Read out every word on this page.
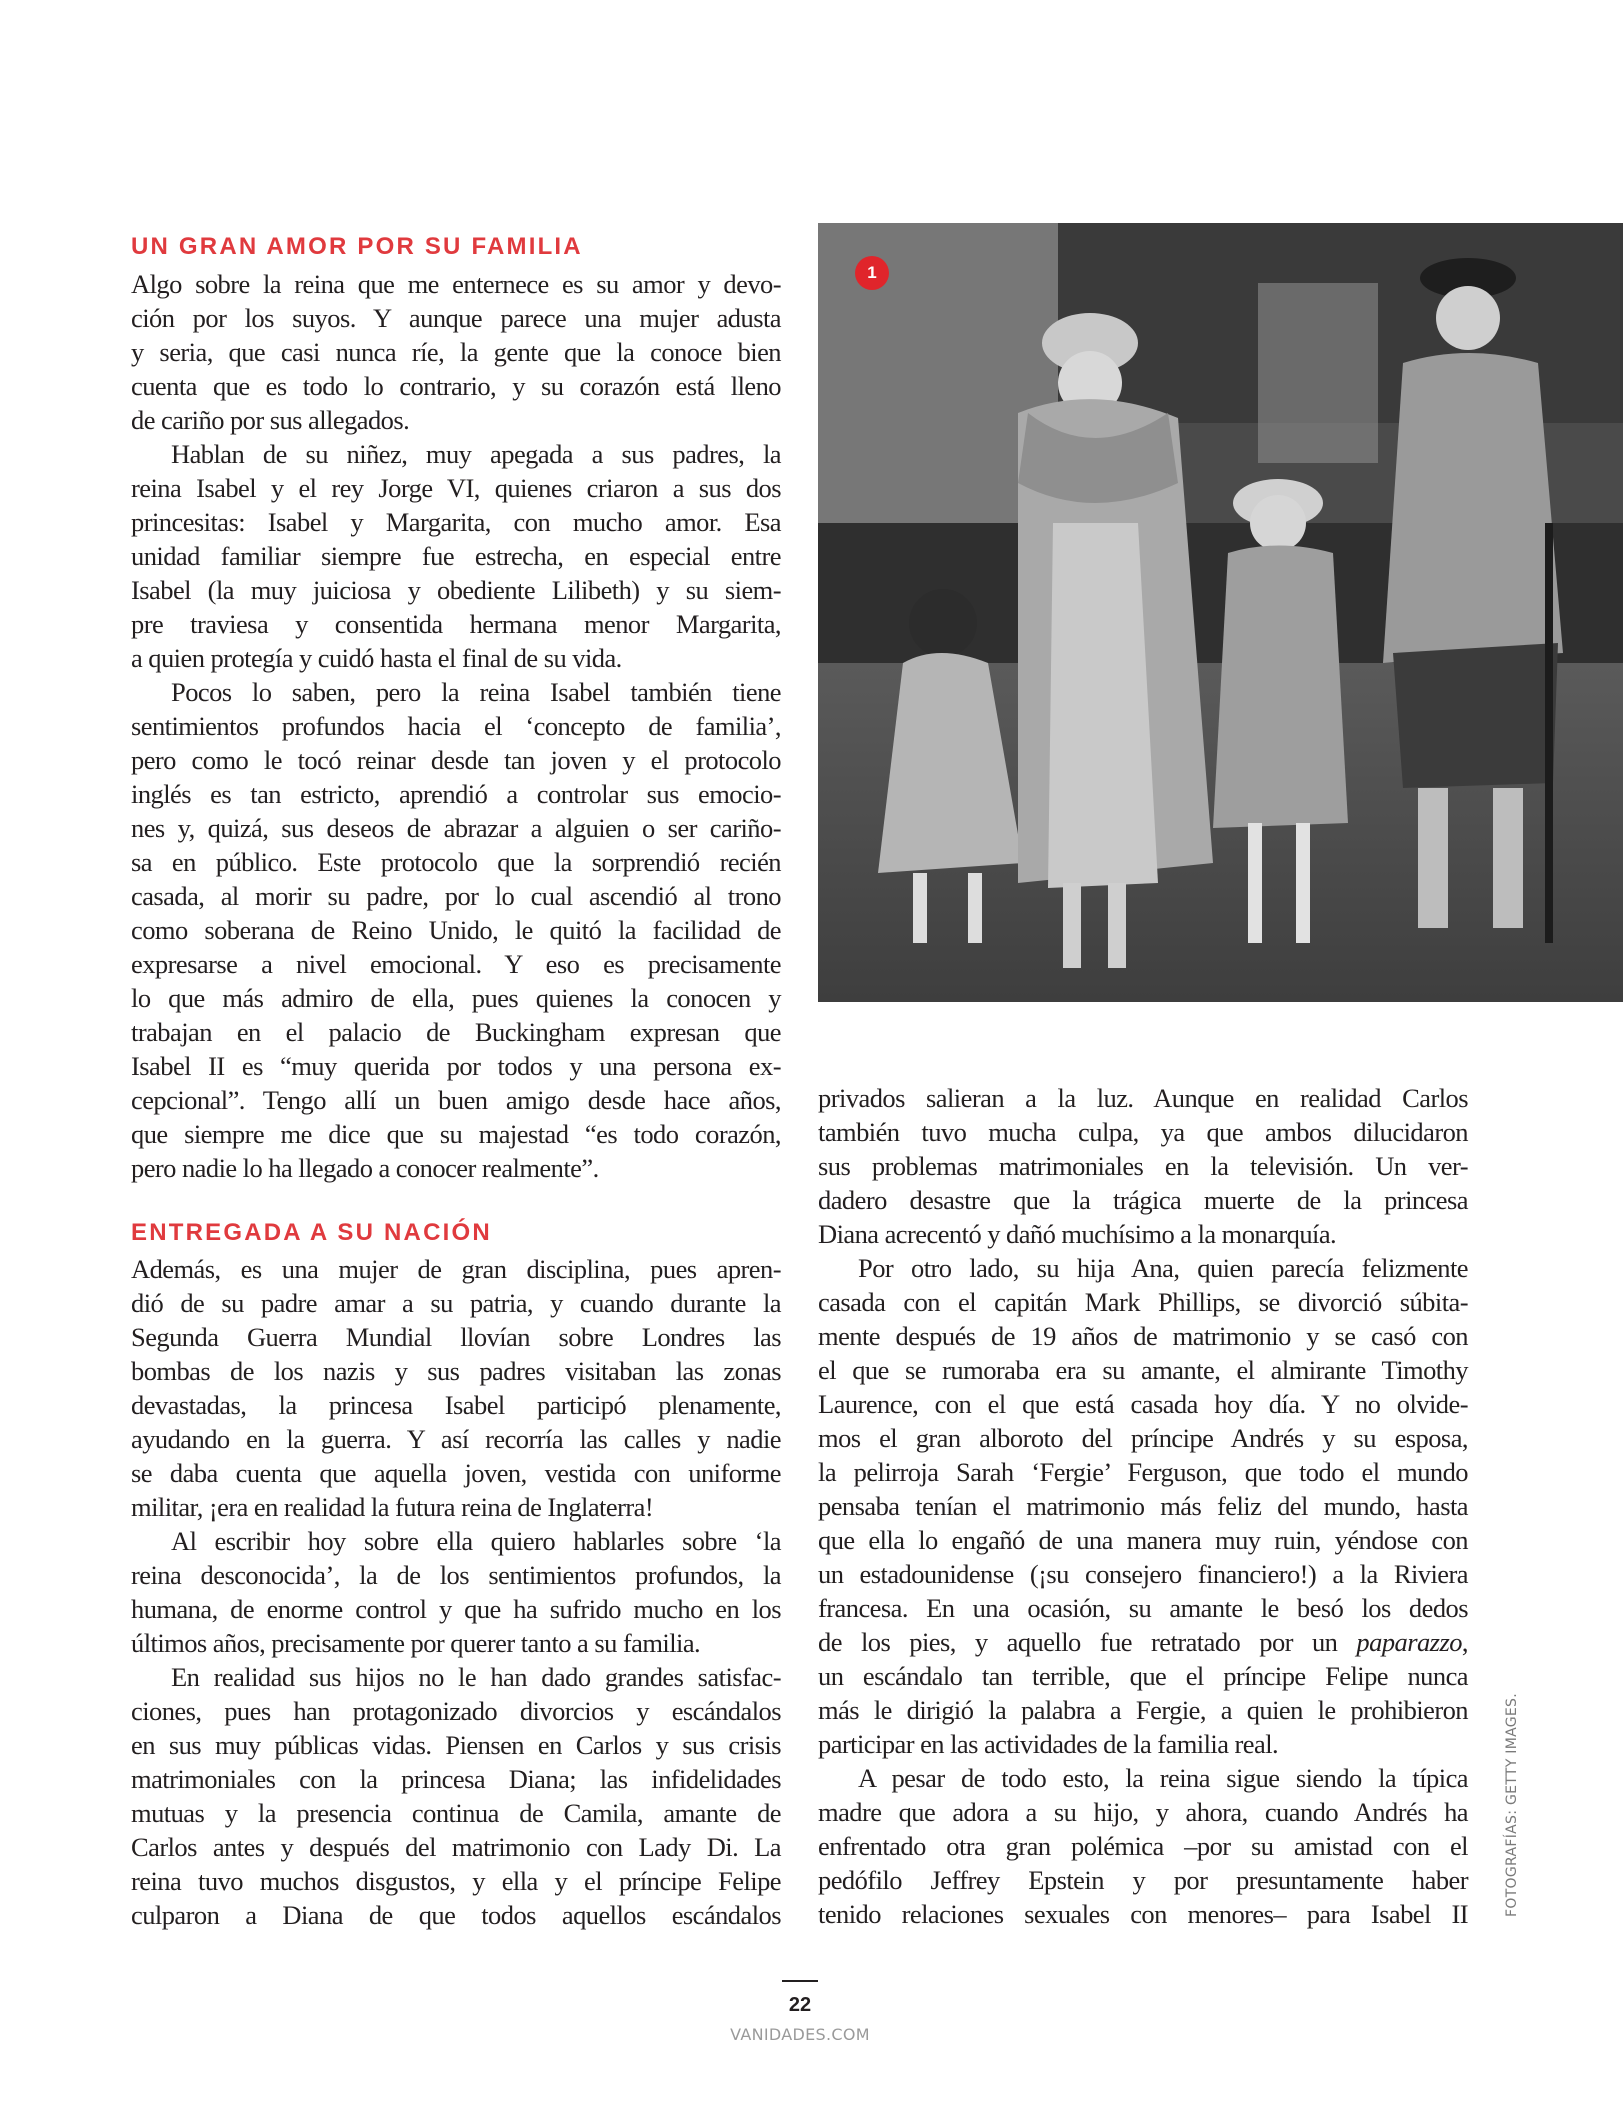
UN GRAN AMOR POR SU FAMILIA
Algo sobre la reina que me enternece es su amor y devo-
ción por los suyos. Y aunque parece una mujer adusta
y seria, que casi nunca ríe, la gente que la conoce bien
cuenta que es todo lo contrario, y su corazón está lleno
de cariño por sus allegados.
Hablan de su niñez, muy apegada a sus padres, la
reina Isabel y el rey Jorge VI, quienes criaron a sus dos
princesitas: Isabel y Margarita, con mucho amor. Esa
unidad familiar siempre fue estrecha, en especial entre
Isabel (la muy juiciosa y obediente Lilibeth) y su siem-
pre traviesa y consentida hermana menor Margarita,
a quien protegía y cuidó hasta el final de su vida.
Pocos lo saben, pero la reina Isabel también tiene
sentimientos profundos hacia el ‘concepto de familia’,
pero como le tocó reinar desde tan joven y el protocolo
inglés es tan estricto, aprendió a controlar sus emocio-
nes y, quizá, sus deseos de abrazar a alguien o ser cariño-
sa en público. Este protocolo que la sorprendió recién
casada, al morir su padre, por lo cual ascendió al trono
como soberana de Reino Unido, le quitó la facilidad de
expresarse a nivel emocional. Y eso es precisamente
lo que más admiro de ella, pues quienes la conocen y
trabajan en el palacio de Buckingham expresan que
Isabel II es “muy querida por todos y una persona ex-
cepcional”. Tengo allí un buen amigo desde hace años,
que siempre me dice que su majestad “es todo corazón,
pero nadie lo ha llegado a conocer realmente”.
ENTREGADA A SU NACIÓN
Además, es una mujer de gran disciplina, pues apren-
dió de su padre amar a su patria, y cuando durante la
Segunda Guerra Mundial llovían sobre Londres las
bombas de los nazis y sus padres visitaban las zonas
devastadas, la princesa Isabel participó plenamente,
ayudando en la guerra. Y así recorría las calles y nadie
se daba cuenta que aquella joven, vestida con uniforme
militar, ¡era en realidad la futura reina de Inglaterra!
Al escribir hoy sobre ella quiero hablarles sobre ‘la
reina desconocida’, la de los sentimientos profundos, la
humana, de enorme control y que ha sufrido mucho en los
últimos años, precisamente por querer tanto a su familia.
En realidad sus hijos no le han dado grandes satisfac-
ciones, pues han protagonizado divorcios y escándalos
en sus muy públicas vidas. Piensen en Carlos y sus crisis
matrimoniales con la princesa Diana; las infidelidades
mutuas y la presencia continua de Camila, amante de
Carlos antes y después del matrimonio con Lady Di. La
reina tuvo muchos disgustos, y ella y el príncipe Felipe
culparon a Diana de que todos aquellos escándalos
privados salieran a la luz. Aunque en realidad Carlos
también tuvo mucha culpa, ya que ambos dilucidaron
sus problemas matrimoniales en la televisión. Un ver-
dadero desastre que la trágica muerte de la princesa
Diana acrecentó y dañó muchísimo a la monarquía.
Por otro lado, su hija Ana, quien parecía felizmente
casada con el capitán Mark Phillips, se divorció súbita-
mente después de 19 años de matrimonio y se casó con
el que se rumoraba era su amante, el almirante Timothy
Laurence, con el que está casada hoy día. Y no olvide-
mos el gran alboroto del príncipe Andrés y su esposa,
la pelirroja Sarah ‘Fergie’ Ferguson, que todo el mundo
pensaba tenían el matrimonio más feliz del mundo, hasta
que ella lo engañó de una manera muy ruin, yéndose con
un estadounidense (¡su consejero financiero!) a la Riviera
francesa. En una ocasión, su amante le besó los dedos
de los pies, y aquello fue retratado por un paparazzo,
un escándalo tan terrible, que el príncipe Felipe nunca
más le dirigió la palabra a Fergie, a quien le prohibieron
participar en las actividades de la familia real.
A pesar de todo esto, la reina sigue siendo la típica
madre que adora a su hijo, y ahora, cuando Andrés ha
enfrentado otra gran polémica –por su amistad con el
pedófilo Jeffrey Epstein y por presuntamente haber
tenido relaciones sexuales con menores– para Isabel II
1
FOTOGRAFÍAS: GETTY IMAGES.
22
VANIDADES.COM
